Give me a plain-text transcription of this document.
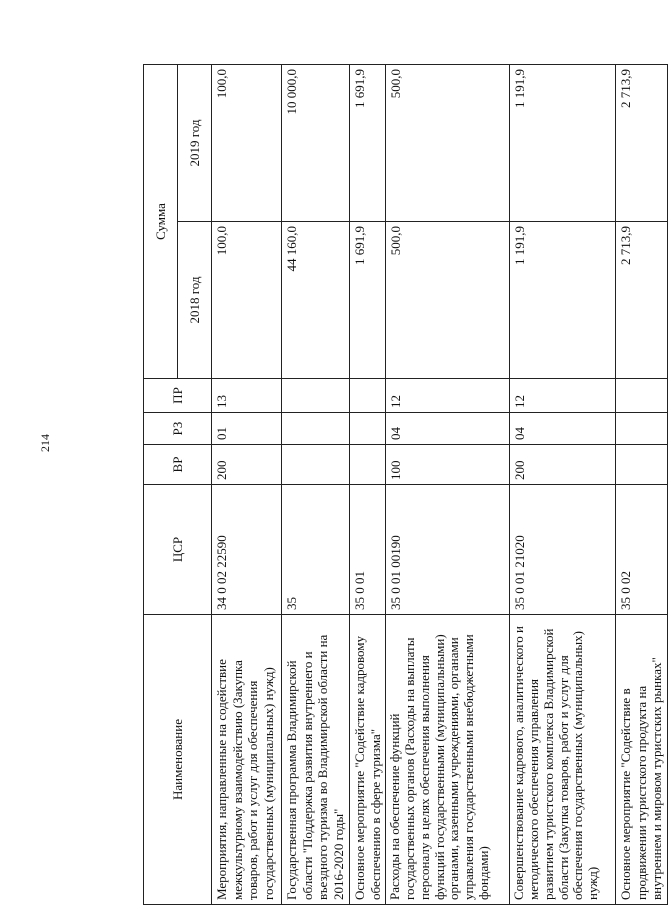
214
Наименование	ЦСР	ВР	РЗ	ПР	Сумма	
					2018 год	2019 год
Мероприятия, направленные на содействие межкультурному взаимодействию (Закупка товаров, работ и услуг для обеспечения государственных (муниципальных) нужд)	34 0 02 22590	200	01	13	100,0	100,0
Государственная программа Владимирской области "Поддержка развития внутреннего и въездного туризма во Владимирской области на 2016-2020 годы"	35				44 160,0	10 000,0
Основное мероприятие "Содействие кадровому обеспечению в сфере туризма"	35 0 01				1 691,9	1 691,9
Расходы на обеспечение функций государственных органов (Расходы на выплаты персоналу в целях обеспечения выполнения функций государственными (муниципальными) органами, казенными учреждениями, органами управления государственными внебюджетными фондами)	35 0 01 00190	100	04	12	500,0	500,0
Совершенствование кадрового, аналитического и методического обеспечения управления развитием туристского комплекса Владимирской области (Закупка товаров, работ и услуг для обеспечения государственных (муниципальных) нужд)	35 0 01 21020	200	04	12	1 191,9	1 191,9
Основное мероприятие "Содействие в продвижении туристского продукта на внутреннем и мировом туристских рынках"	35 0 02				2 713,9	2 713,9
